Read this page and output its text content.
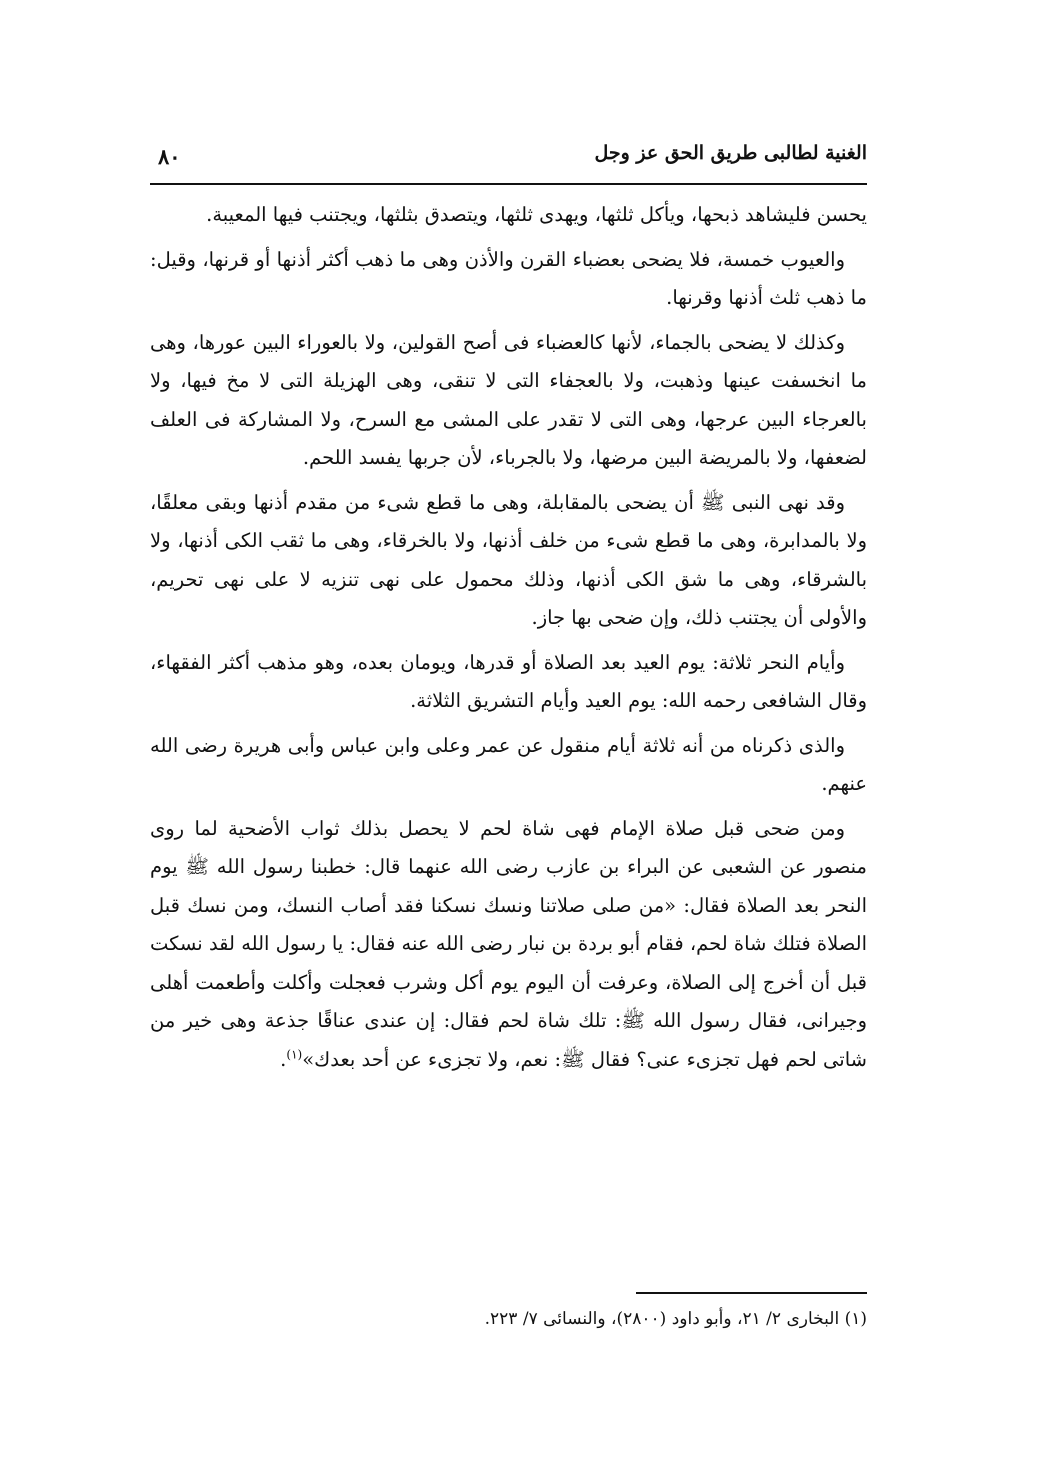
الغنية لطالبى طريق الحق عز وجل
٨٠

يحسن فليشاهد ذبحها، ويأكل ثلثها، ويهدى ثلثها، ويتصدق بثلثها، ويجتنب فيها المعيبة.

والعيوب خمسة، فلا يضحى بعضباء القرن والأذن وهى ما ذهب أكثر أذنها أو قرنها، وقيل: ما ذهب ثلث أذنها وقرنها.

وكذلك لا يضحى بالجماء، لأنها كالعضباء فى أصح القولين، ولا بالعوراء البين عورها، وهى ما انخسفت عينها وذهبت، ولا بالعجفاء التى لا تنقى، وهى الهزيلة التى لا مخ فيها، ولا بالعرجاء البين عرجها، وهى التى لا تقدر على المشى مع السرح، ولا المشاركة فى العلف لضعفها، ولا بالمريضة البين مرضها، ولا بالجرباء، لأن جربها يفسد اللحم.

وقد نهى النبى ﷺ أن يضحى بالمقابلة، وهى ما قطع شىء من مقدم أذنها وبقى معلقًا، ولا بالمدابرة، وهى ما قطع شىء من خلف أذنها، ولا بالخرقاء، وهى ما ثقب الكى أذنها، ولا بالشرقاء، وهى ما شق الكى أذنها، وذلك محمول على نهى تنزيه لا على نهى تحريم، والأولى أن يجتنب ذلك، وإن ضحى بها جاز.

وأيام النحر ثلاثة: يوم العيد بعد الصلاة أو قدرها، ويومان بعده، وهو مذهب أكثر الفقهاء، وقال الشافعى رحمه الله: يوم العيد وأيام التشريق الثلاثة.

والذى ذكرناه من أنه ثلاثة أيام منقول عن عمر وعلى وابن عباس وأبى هريرة رضى الله عنهم.

ومن ضحى قبل صلاة الإمام فهى شاة لحم لا يحصل بذلك ثواب الأضحية لما روى منصور عن الشعبى عن البراء بن عازب رضى الله عنهما قال: خطبنا رسول الله ﷺ يوم النحر بعد الصلاة فقال: «من صلى صلاتنا ونسك نسكنا فقد أصاب النسك، ومن نسك قبل الصلاة فتلك شاة لحم، فقام أبو بردة بن نبار رضى الله عنه فقال: يا رسول الله لقد نسكت قبل أن أخرج إلى الصلاة، وعرفت أن اليوم يوم أكل وشرب فعجلت وأكلت وأطعمت أهلى وجيرانى، فقال رسول الله ﷺ: تلك شاة لحم فقال: إن عندى عناقًا جذعة وهى خير من شاتى لحم فهل تجزىء عنى؟ فقال ﷺ: نعم، ولا تجزىء عن أحد بعدك»$^{(١)}$.

(١) البخارى ٢/ ٢١، وأبو داود (٢٨٠٠)، والنسائى ٧/ ٢٢٣.
